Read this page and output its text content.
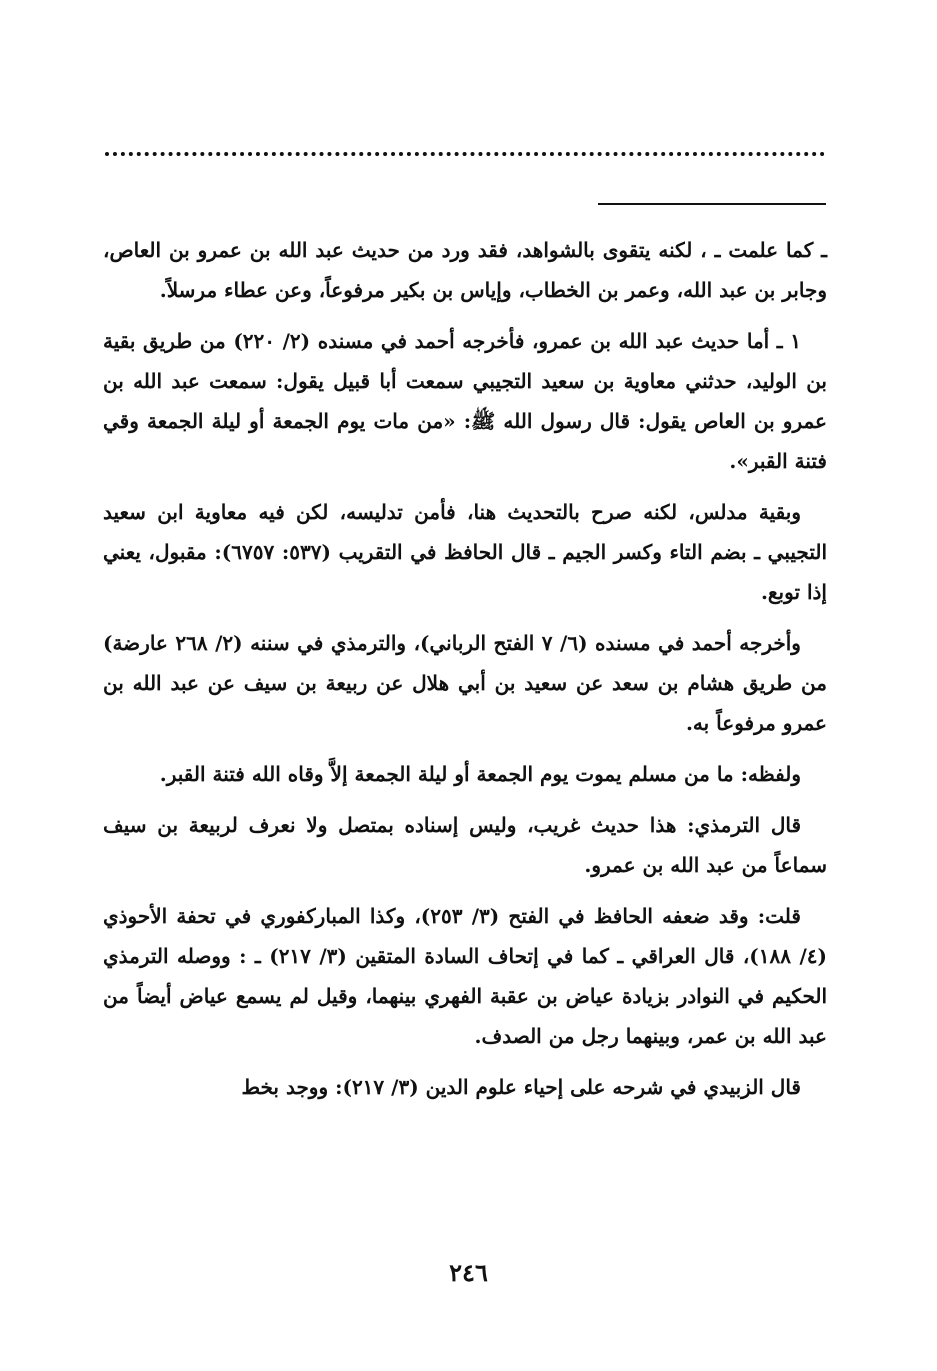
ـ كما علمت ـ ، لكنه يتقوى بالشواهد، فقد ورد من حديث عبد الله بن عمرو بن العاص، وجابر بن عبد الله، وعمر بن الخطاب، وإياس بن بكير مرفوعاً، وعن عطاء مرسلاً.

١ ـ أما حديث عبد الله بن عمرو، فأخرجه أحمد في مسنده (٢/ ٢٢٠) من طريق بقية بن الوليد، حدثني معاوية بن سعيد التجيبي سمعت أبا قبيل يقول: سمعت عبد الله بن عمرو بن العاص يقول: قال رسول الله ﷺ: «من مات يوم الجمعة أو ليلة الجمعة وقي فتنة القبر».

وبقية مدلس، لكنه صرح بالتحديث هنا، فأمن تدليسه، لكن فيه معاوية ابن سعيد التجيبي ـ بضم التاء وكسر الجيم ـ قال الحافظ في التقريب (٥٣٧: ٦٧٥٧): مقبول، يعني إذا توبع.

وأخرجه أحمد في مسنده (٦/ ٧ الفتح الرباني)، والترمذي في سننه (٢/ ٢٦٨ عارضة) من طريق هشام بن سعد عن سعيد بن أبي هلال عن ربيعة بن سيف عن عبد الله بن عمرو مرفوعاً به.

ولفظه: ما من مسلم يموت يوم الجمعة أو ليلة الجمعة إلاَّ وقاه الله فتنة القبر.

قال الترمذي: هذا حديث غريب، وليس إسناده بمتصل ولا نعرف لربيعة بن سيف سماعاً من عبد الله بن عمرو.

قلت: وقد ضعفه الحافظ في الفتح (٣/ ٢٥٣)، وكذا المباركفوري في تحفة الأحوذي (٤/ ١٨٨)، قال العراقي ـ كما في إتحاف السادة المتقين (٣/ ٢١٧) ـ : ووصله الترمذي الحكيم في النوادر بزيادة عياض بن عقبة الفهري بينهما، وقيل لم يسمع عياض أيضاً من عبد الله بن عمر، وبينهما رجل من الصدف.

قال الزبيدي في شرحه على إحياء علوم الدين (٣/ ٢١٧): ووجد بخط

٢٤٦
